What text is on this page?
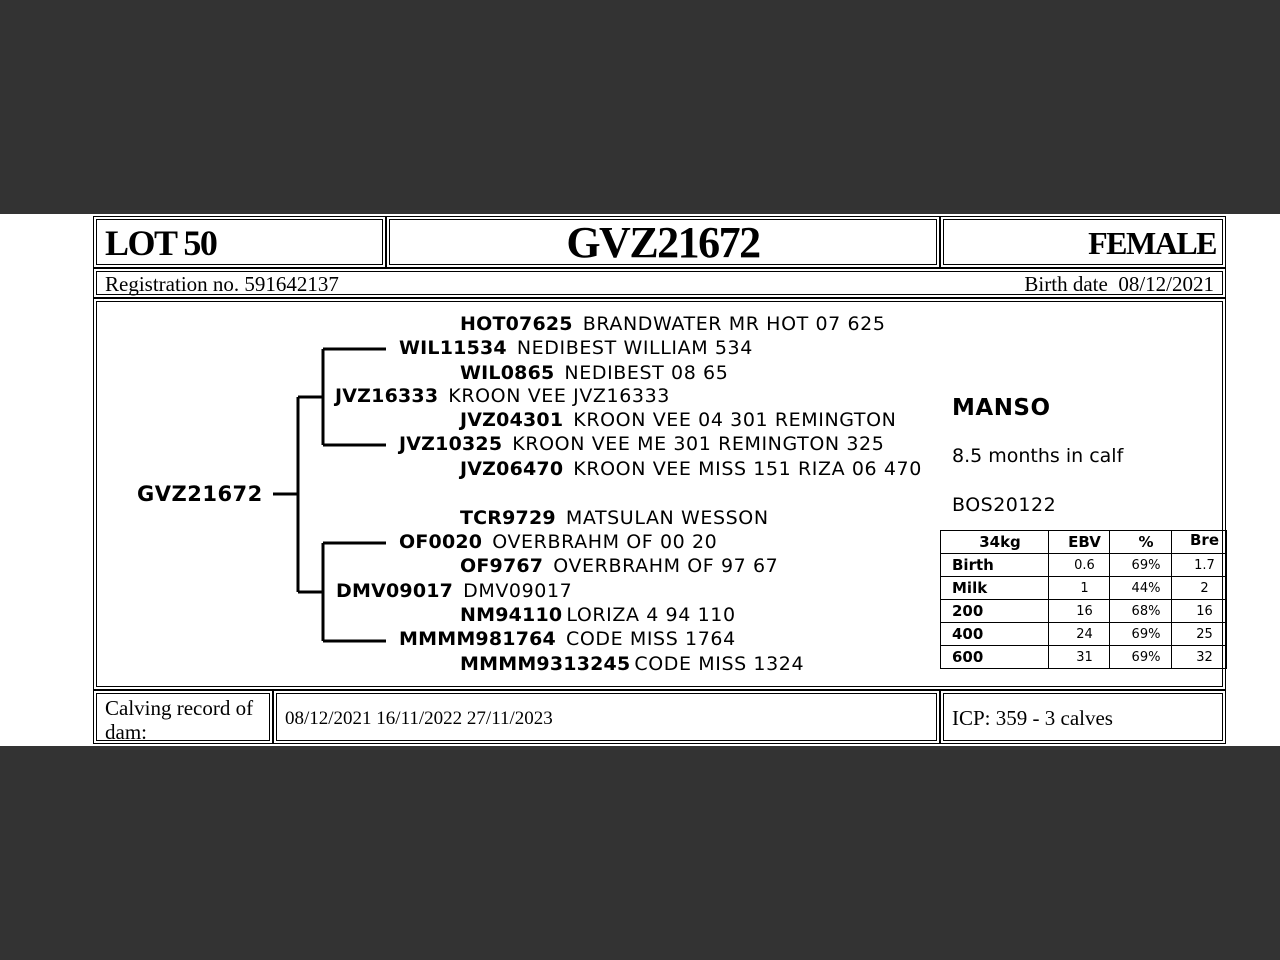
LOT 50	GVZ21672	FEMALE
Registration no. 591642137	Birth date  08/12/2021
GVZ21672
HOT07625 BRANDWATER MR HOT 07 625
WIL11534 NEDIBEST WILLIAM 534
WIL0865 NEDIBEST 08 65
JVZ16333 KROON VEE JVZ16333
JVZ04301 KROON VEE 04 301 REMINGTON
JVZ10325 KROON VEE ME 301 REMINGTON 325
JVZ06470 KROON VEE MISS 151 RIZA 06 470
TCR9729 MATSULAN WESSON
OF0020 OVERBRAHM OF 00 20
OF9767 OVERBRAHM OF 97 67
DMV09017 DMV09017
NM94110 LORIZA 4 94 110
MMMM981764 CODE MISS 1764
MMMM9313245 CODE MISS 1324
MANSO
8.5 months in calf
BOS20122
34kg	EBV	%	Bre
Birth	0.6	69%	1.7
Milk	1	44%	2
200	16	68%	16
400	24	69%	25
600	31	69%	32
Calving record of dam:
08/12/2021 16/11/2022 27/11/2023	ICP: 359 - 3 calves
